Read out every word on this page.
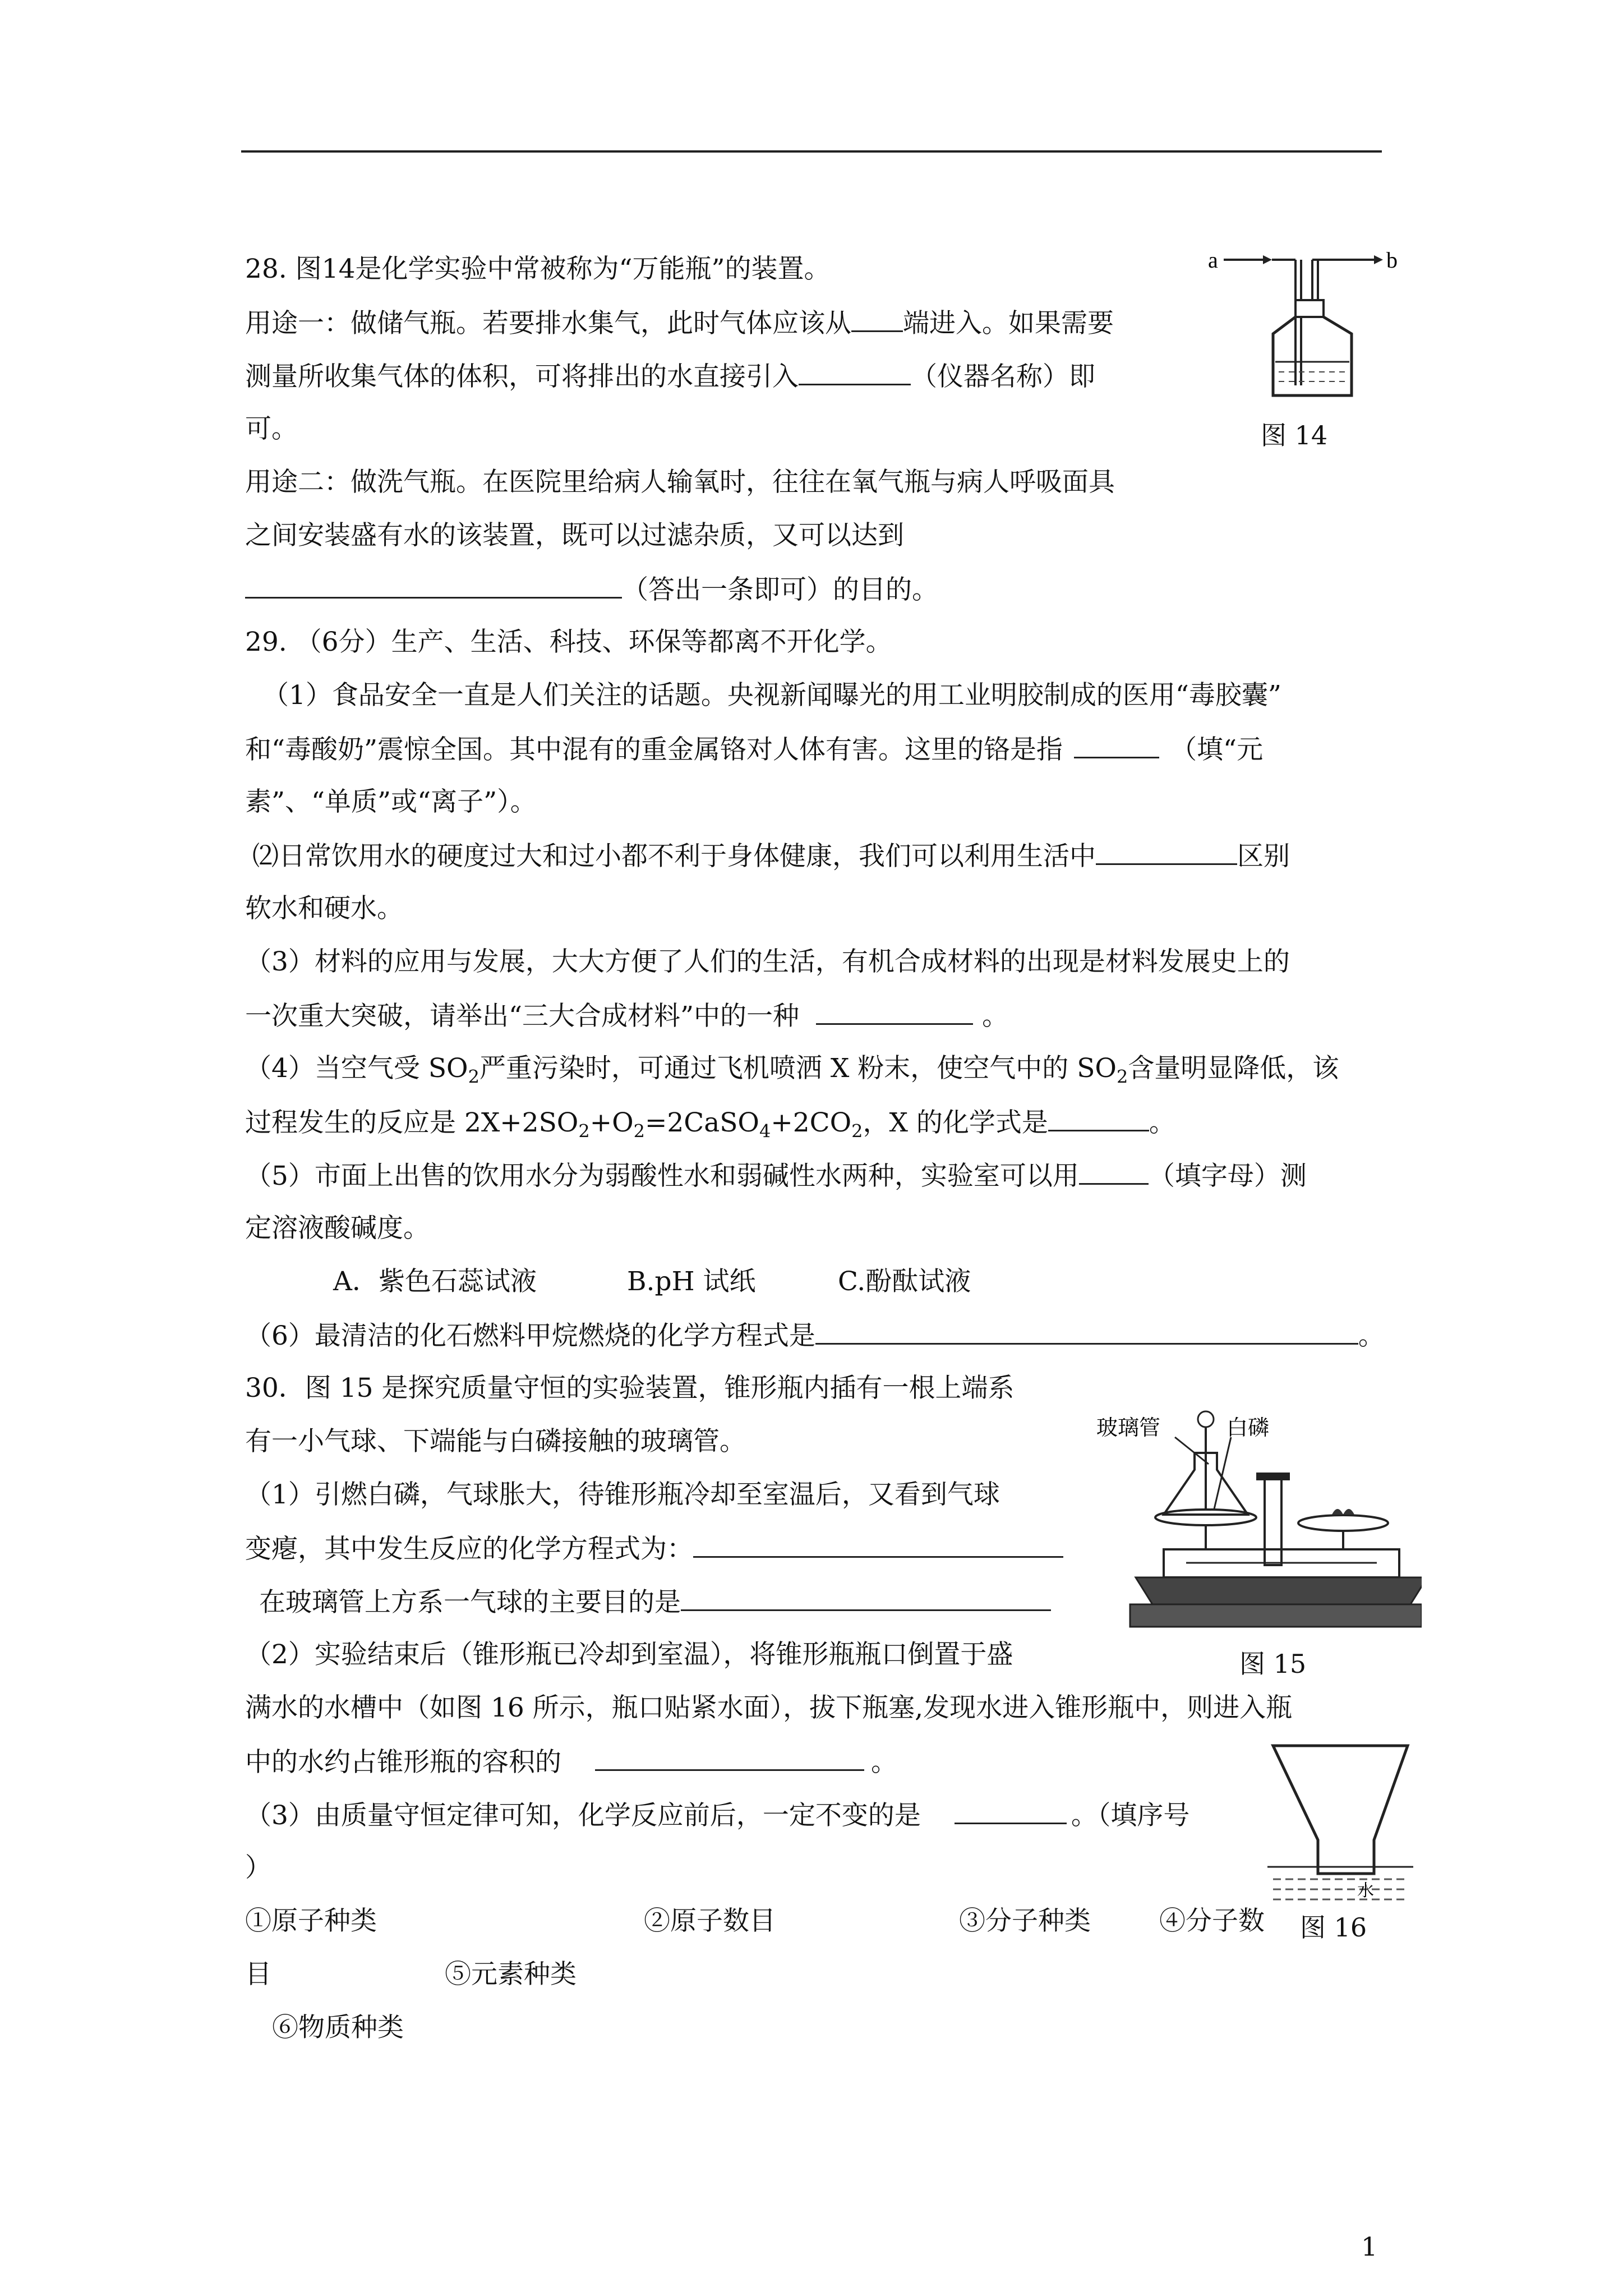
28. 图14是化学实验中常被称为“万能瓶”的装置。
用途一：做储气瓶。若要排水集气，此时气体应该从 端进入。如果需要
测量所收集气体的体积，可将排出的水直接引入	（仪器名称）即
可。
用途二：做洗气瓶。在医院里给病人输氧时，往往在氧气瓶与病人呼吸面具
之间安装盛有水的该装置，既可以过滤杂质，又可以达到
（答出一条即可）的目的。
a	b
图 14
29. （6分）生产、生活、科技、环保等都离不开化学。
（1）食品安全一直是人们关注的话题。央视新闻曝光的用工业明胶制成的医用“毒胶囊”
和“毒酸奶”震惊全国。其中混有的重金属铬对人体有害。这里的铬是指	（填“元
素”、“单质”或“离子”）。
⑵日常饮用水的硬度过大和过小都不利于身体健康，我们可以利用生活中	区别
软水和硬水。
（3）材料的应用与发展，大大方便了人们的生活，有机合成材料的出现是材料发展史上的
一次重大突破，请举出“三大合成材料”中的一种	。
（4）当空气受 $SO_2$严重污染时，可通过飞机喷洒 X 粉末，使空气中的 $SO_2$含量明显降低，该
过程发生的反应是 $2X+2SO_2+O_2=2CaSO_4+2CO_2$，X 的化学式是	。
（5）市面上出售的饮用水分为弱酸性水和弱碱性水两种，实验室可以用	（填字母）测
定溶液酸碱度。
A．紫色石蕊试液	B.pH 试纸	C.酚酞试液
（6）最清洁的化石燃料甲烷燃烧的化学方程式是	。
30．图 15 是探究质量守恒的实验装置，锥形瓶内插有一根上端系
有一小气球、下端能与白磷接触的玻璃管。
（1）引燃白磷，气球胀大，待锥形瓶冷却至室温后，又看到气球
变瘪，其中发生反应的化学方程式为：
在玻璃管上方系一气球的主要目的是
（2）实验结束后（锥形瓶已冷却到室温），将锥形瓶瓶口倒置于盛
满水的水槽中（如图 16 所示，瓶口贴紧水面），拔下瓶塞,发现水进入锥形瓶中，则进入瓶
中的水约占锥形瓶的容积的	。
（3）由质量守恒定律可知，化学反应前后，一定不变的是	。（填序号
）
①原子种类	②原子数目	③分子种类	④分子数
目	⑤元素种类
⑥物质种类
玻璃管	白磷
图 15
水
图 16
1
